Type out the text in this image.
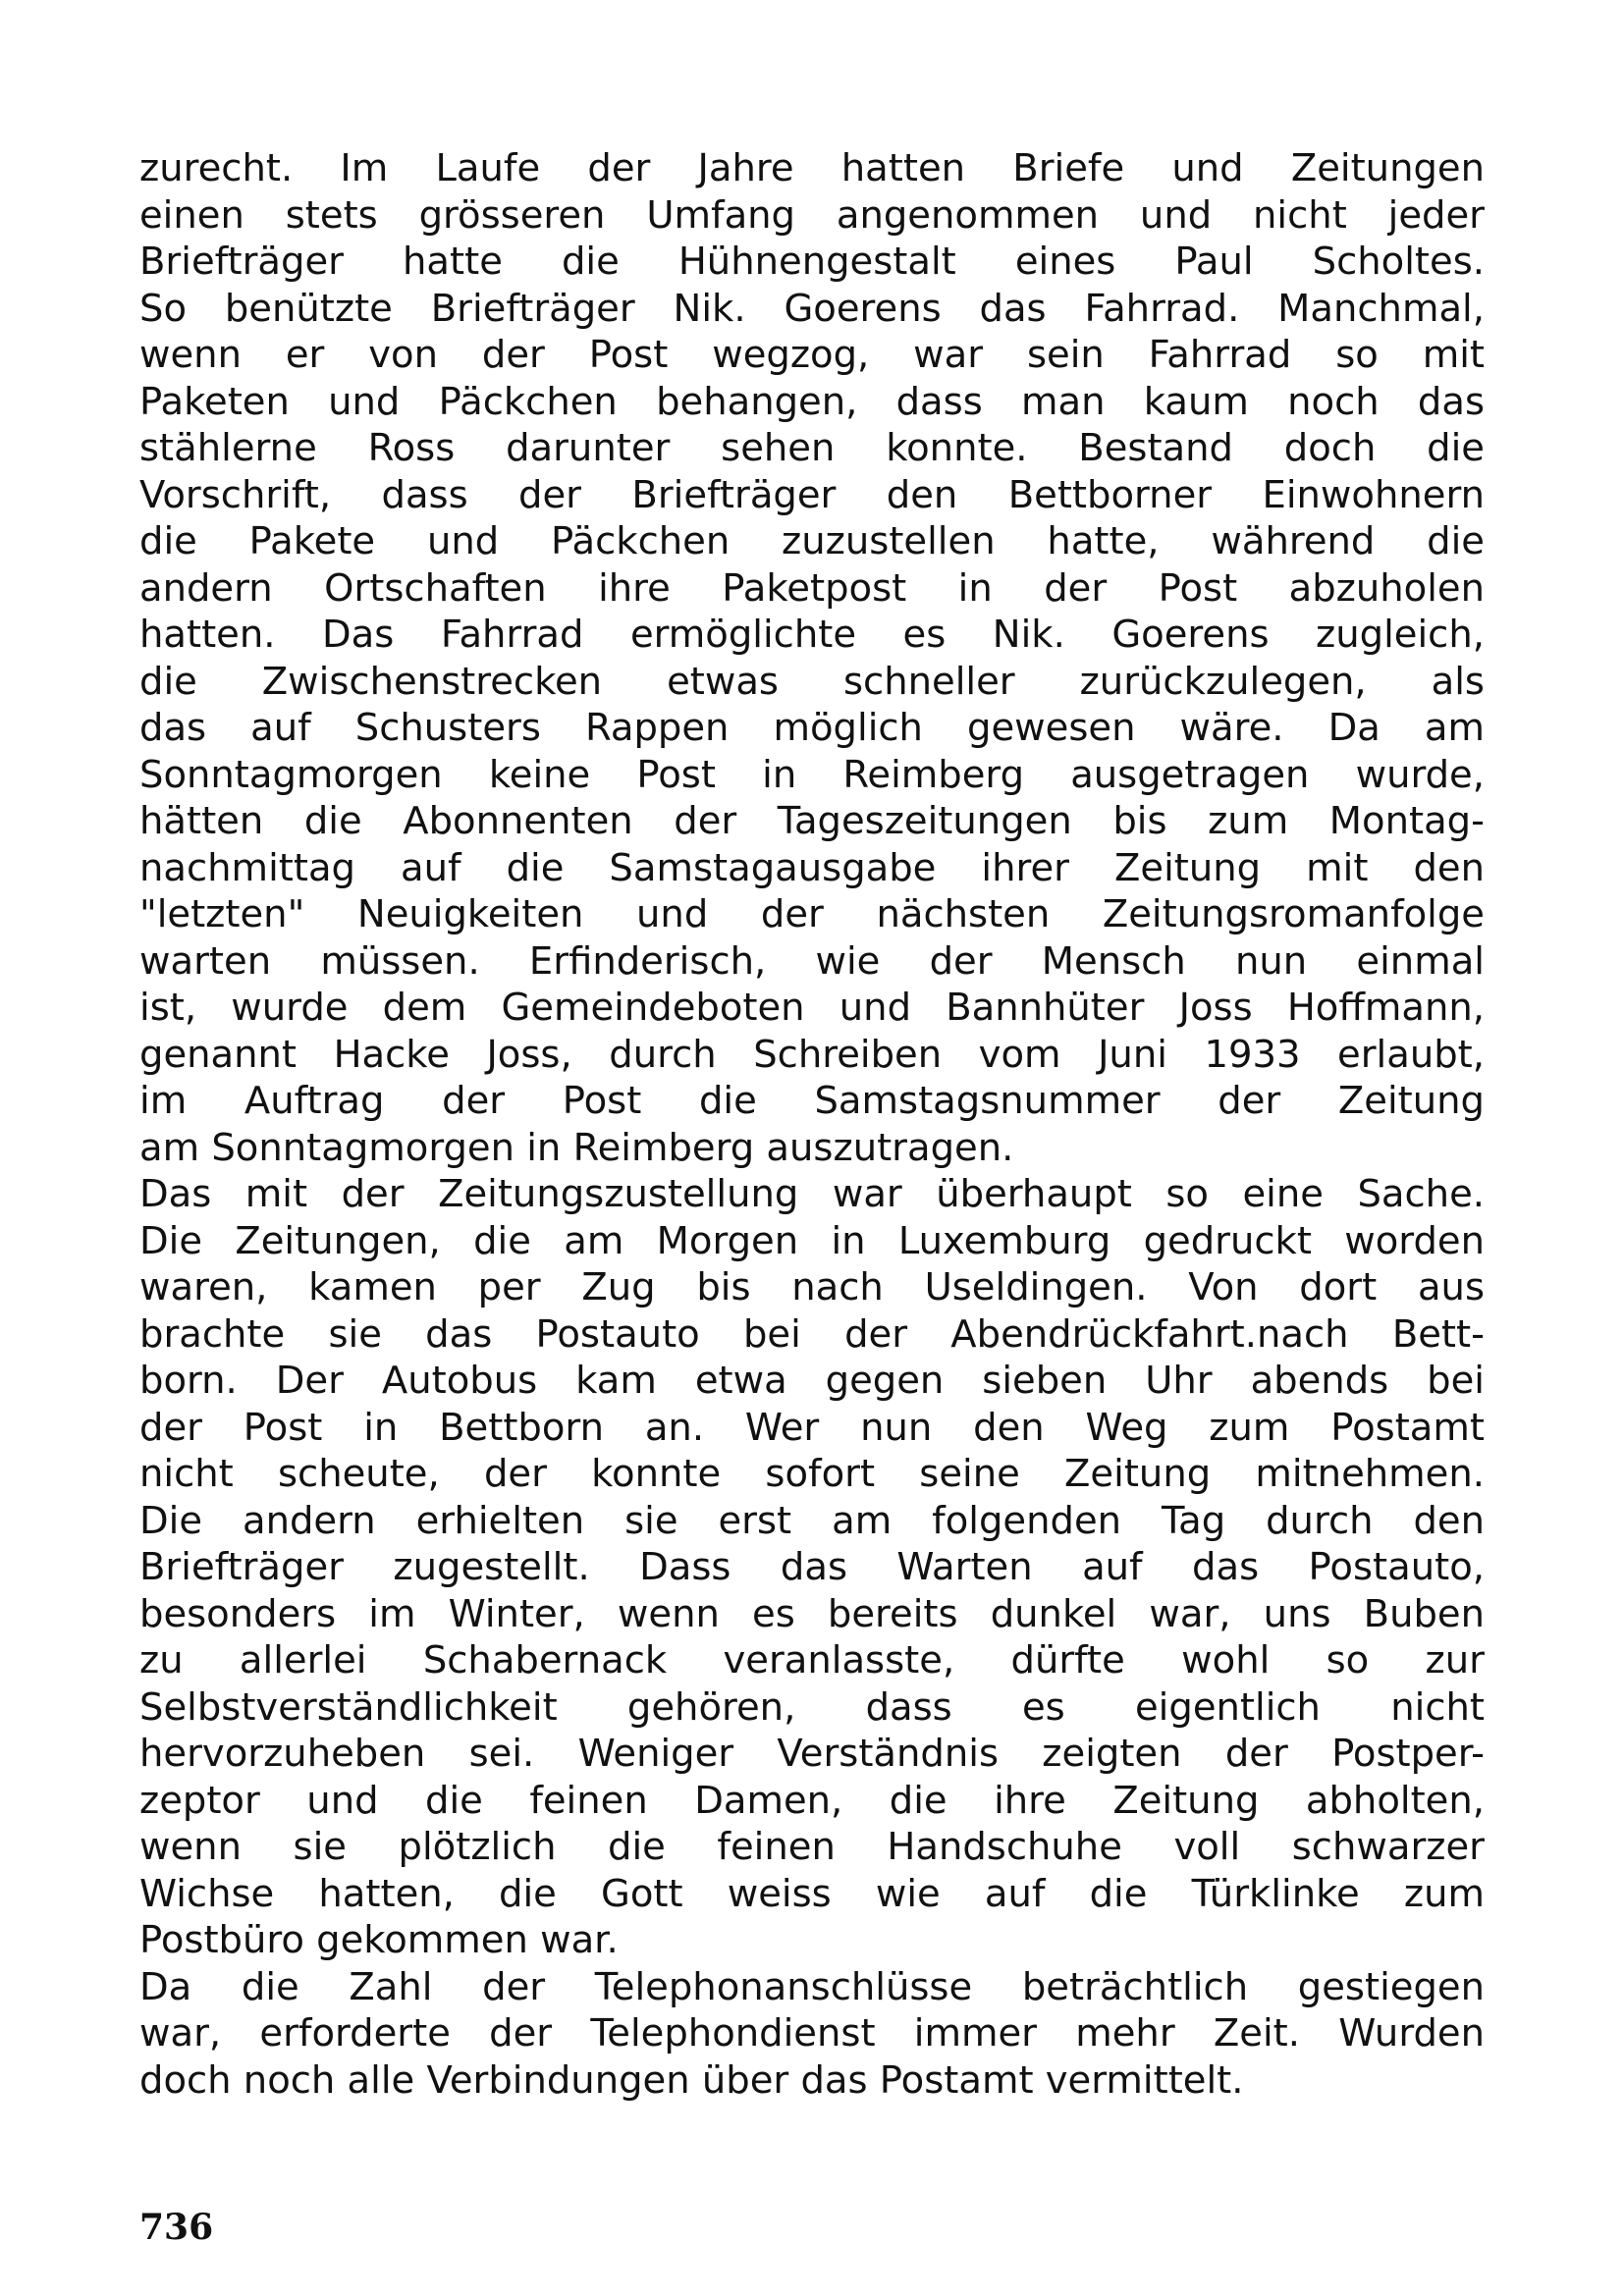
zurecht. Im Laufe der Jahre hatten Briefe und Zeitungen
einen stets grösseren Umfang angenommen und nicht jeder
Briefträger hatte die Hühnengestalt eines Paul Scholtes.
So benützte Briefträger Nik. Goerens das Fahrrad. Manchmal,
wenn er von der Post wegzog, war sein Fahrrad so mit
Paketen und Päckchen behangen, dass man kaum noch das
stählerne Ross darunter sehen konnte. Bestand doch die
Vorschrift, dass der Briefträger den Bettborner Einwohnern
die Pakete und Päckchen zuzustellen hatte, während die
andern Ortschaften ihre Paketpost in der Post abzuholen
hatten. Das Fahrrad ermöglichte es Nik. Goerens zugleich,
die Zwischenstrecken etwas schneller zurückzulegen, als
das auf Schusters Rappen möglich gewesen wäre. Da am
Sonntagmorgen keine Post in Reimberg ausgetragen wurde,
hätten die Abonnenten der Tageszeitungen bis zum Montag-
nachmittag auf die Samstagausgabe ihrer Zeitung mit den
"letzten" Neuigkeiten und der nächsten Zeitungsromanfolge
warten müssen. Erfinderisch, wie der Mensch nun einmal
ist, wurde dem Gemeindeboten und Bannhüter Joss Hoffmann,
genannt Hacke Joss, durch Schreiben vom Juni 1933 erlaubt,
im Auftrag der Post die Samstagsnummer der Zeitung
am Sonntagmorgen in Reimberg auszutragen.
Das mit der Zeitungszustellung war überhaupt so eine Sache.
Die Zeitungen, die am Morgen in Luxemburg gedruckt worden
waren, kamen per Zug bis nach Useldingen. Von dort aus
brachte sie das Postauto bei der Abendrückfahrt.nach Bett-
born. Der Autobus kam etwa gegen sieben Uhr abends bei
der Post in Bettborn an. Wer nun den Weg zum Postamt
nicht scheute, der konnte sofort seine Zeitung mitnehmen.
Die andern erhielten sie erst am folgenden Tag durch den
Briefträger zugestellt. Dass das Warten auf das Postauto,
besonders im Winter, wenn es bereits dunkel war, uns Buben
zu allerlei Schabernack veranlasste, dürfte wohl so zur
Selbstverständlichkeit gehören, dass es eigentlich nicht
hervorzuheben sei. Weniger Verständnis zeigten der Postper-
zeptor und die feinen Damen, die ihre Zeitung abholten,
wenn sie plötzlich die feinen Handschuhe voll schwarzer
Wichse hatten, die Gott weiss wie auf die Türklinke zum
Postbüro gekommen war.
Da die Zahl der Telephonanschlüsse beträchtlich gestiegen
war, erforderte der Telephondienst immer mehr Zeit. Wurden
doch noch alle Verbindungen über das Postamt vermittelt.
736
